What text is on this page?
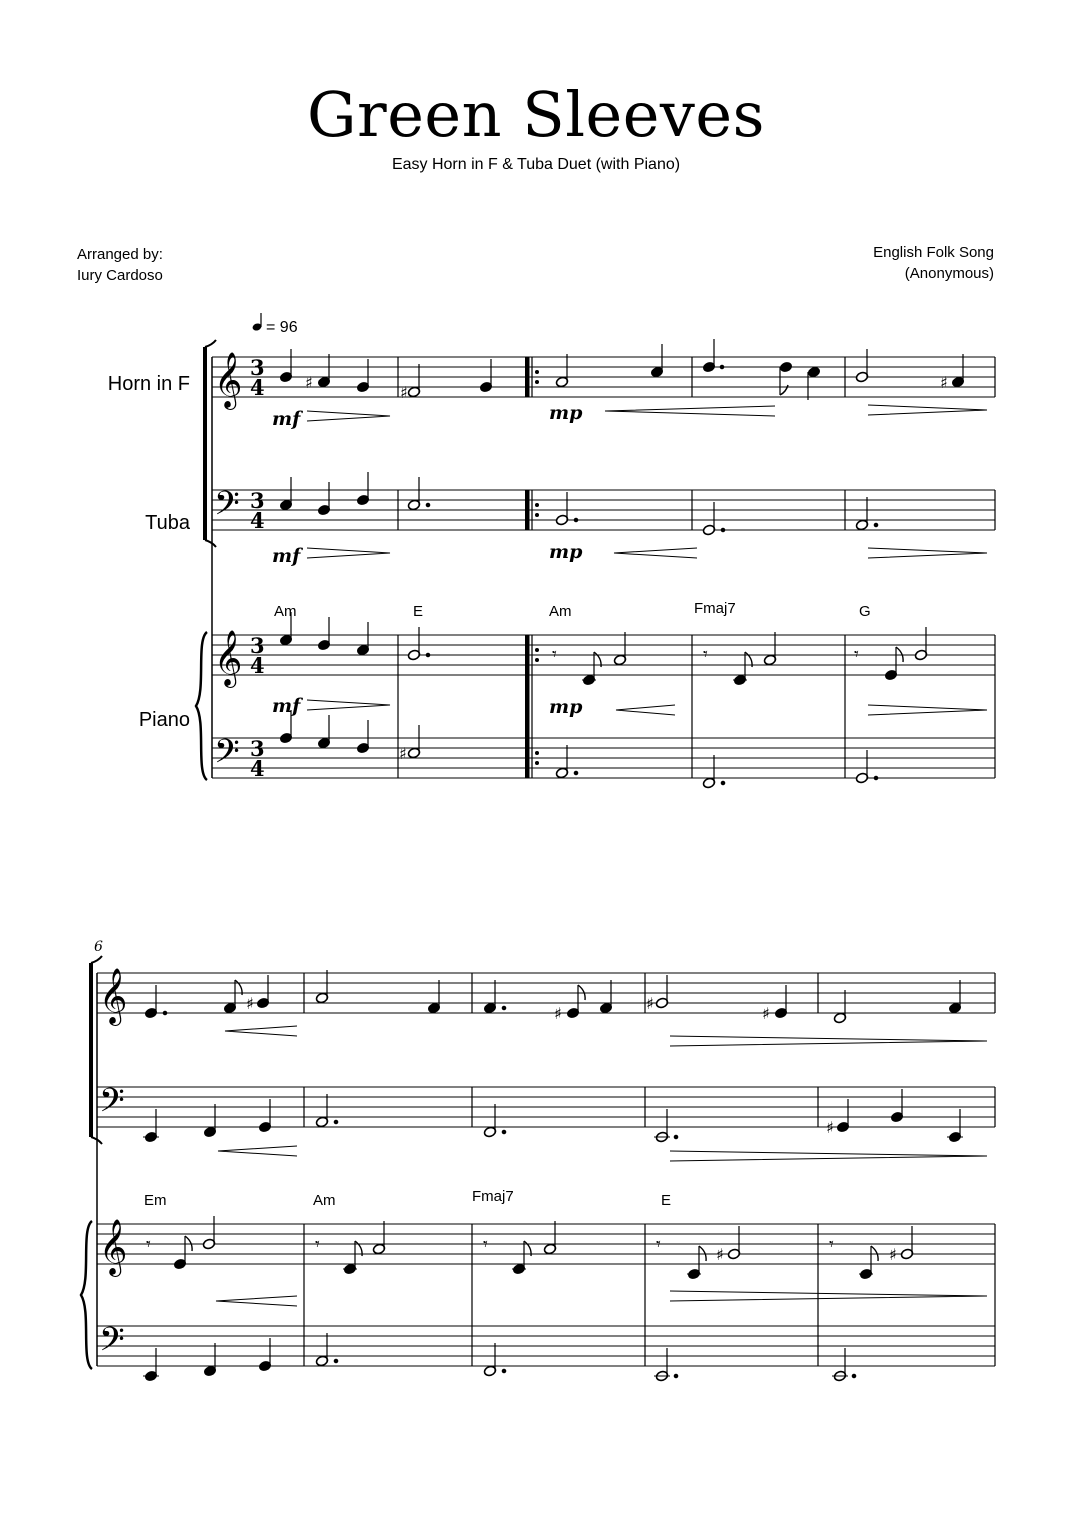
Green Sleeves
Easy Horn in F & Tuba Duet (with Piano)
Arranged by:
Iury Cardoso
English Folk Song
(Anonymous)
= 96
Horn in F
Tuba
Piano
𝄞
𝄢
𝄞
𝄢
3
4
3
4
3
4
3
4
♯
♯
♯
𝄾	𝄾	𝄾
♯
mf	mp
mf	mp
mf	mp
Am	E	Am	Fmaj7	G
6
𝄞
𝄢
𝄞
𝄢
♯
♯
♯
♯
♯
𝄾	𝄾	𝄾	𝄾	♯	𝄾	♯
Em	Am	Fmaj7	E
